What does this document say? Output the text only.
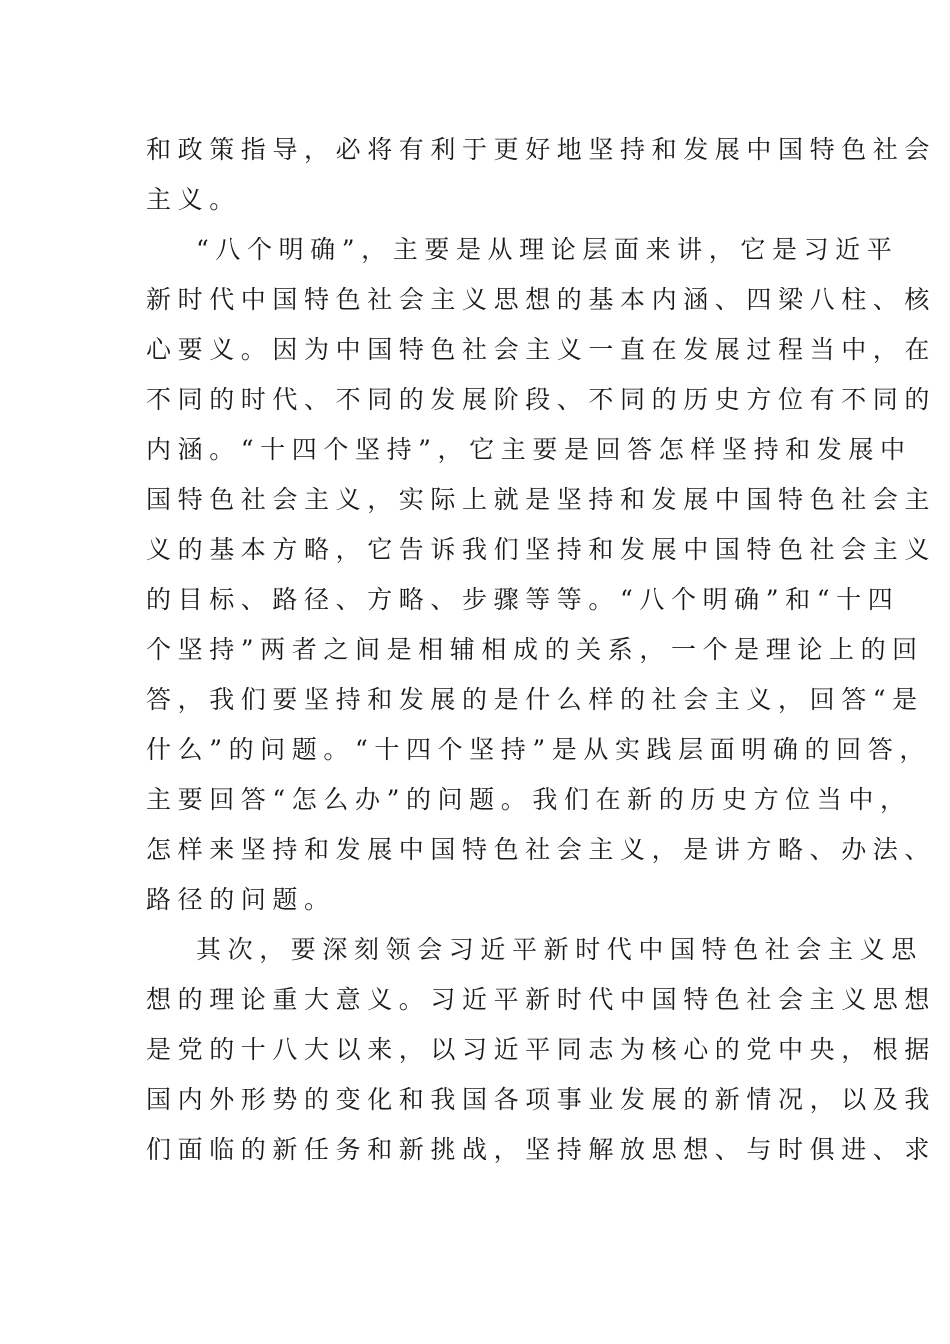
和政策指导，必将有利于更好地坚持和发展中国特色社会

主义。

“八个明确”，主要是从理论层面来讲，它是习近平

新时代中国特色社会主义思想的基本内涵、四梁八柱、核

心要义。因为中国特色社会主义一直在发展过程当中，在

不同的时代、不同的发展阶段、不同的历史方位有不同的

内涵。“十四个坚持”，它主要是回答怎样坚持和发展中

国特色社会主义，实际上就是坚持和发展中国特色社会主

义的基本方略，它告诉我们坚持和发展中国特色社会主义

的目标、路径、方略、步骤等等。“八个明确”和“十四

个坚持”两者之间是相辅相成的关系，一个是理论上的回

答，我们要坚持和发展的是什么样的社会主义，回答“是

什么”的问题。“十四个坚持”是从实践层面明确的回答，

主要回答“怎么办”的问题。我们在新的历史方位当中，

怎样来坚持和发展中国特色社会主义，是讲方略、办法、

路径的问题。

其次，要深刻领会习近平新时代中国特色社会主义思

想的理论重大意义。习近平新时代中国特色社会主义思想

是党的十八大以来，以习近平同志为核心的党中央，根据

国内外形势的变化和我国各项事业发展的新情况，以及我

们面临的新任务和新挑战，坚持解放思想、与时俱进、求
